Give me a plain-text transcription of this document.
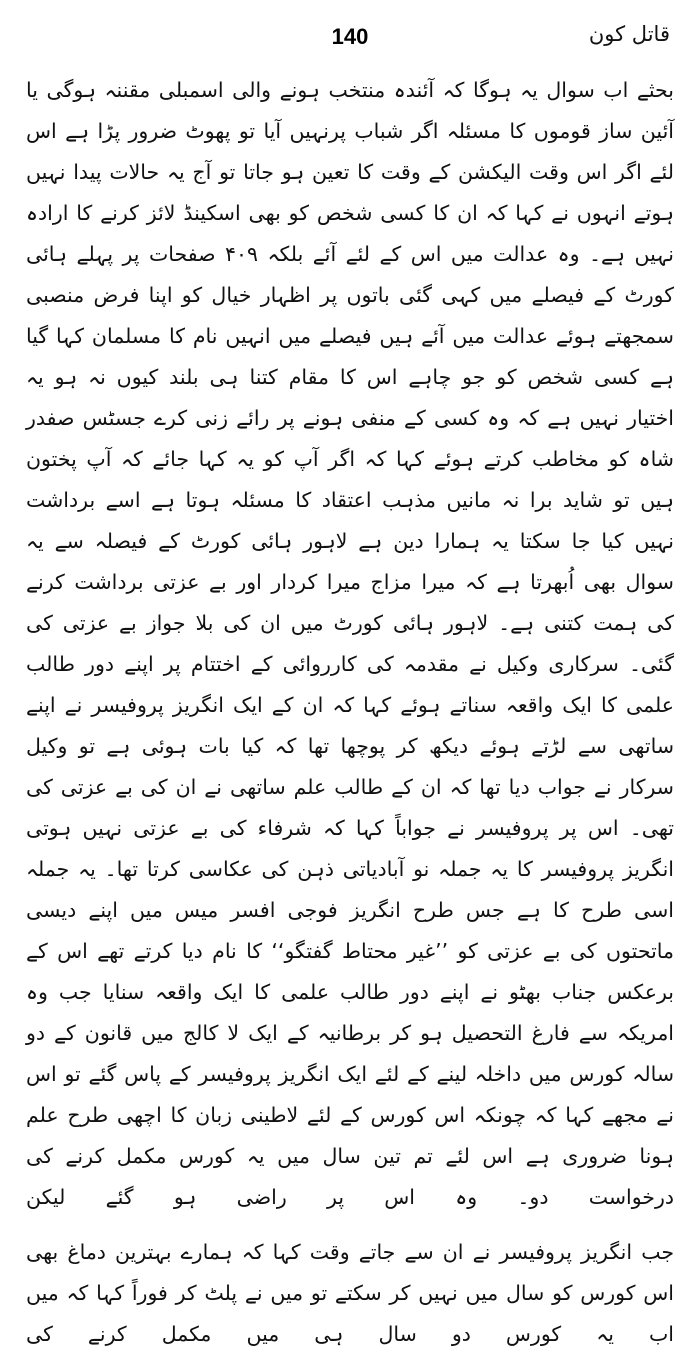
قاتل کون
140

بحثے اب سوال یہ ہوگا کہ آئندہ منتخب ہونے والی اسمبلی مقننہ ہوگی یا آئین ساز قوموں کا مسئلہ اگر شباب پرنہیں آیا تو پھوٹ ضرور پڑا ہے اس لئے اگر اس وقت الیکشن کے وقت کا تعین ہو جاتا تو آج یہ حالات پیدا نہیں ہوتے انہوں نے کہا کہ ان کا کسی شخص کو بھی اسکینڈ لائز کرنے کا ارادہ نہیں ہے۔ وہ عدالت میں اس کے لئے آئے بلکہ ۴۰۹ صفحات پر پہلے ہائی کورٹ کے فیصلے میں کہی گئی باتوں پر اظہار خیال کو اپنا فرض منصبی سمجھتے ہوئے عدالت میں آئے ہیں فیصلے میں انہیں نام کا مسلمان کہا گیا ہے کسی شخص کو جو چاہے اس کا مقام کتنا ہی بلند کیوں نہ ہو یہ اختیار نہیں ہے کہ وہ کسی کے منفی ہونے پر رائے زنی کرے جسٹس صفدر شاہ کو مخاطب کرتے ہوئے کہا کہ اگر آپ کو یہ کہا جائے کہ آپ پختون ہیں تو شاید برا نہ مانیں مذہب اعتقاد کا مسئلہ ہوتا ہے اسے برداشت نہیں کیا جا سکتا یہ ہمارا دین ہے لاہور ہائی کورٹ کے فیصلہ سے یہ سوال بھی اُبھرتا ہے کہ میرا مزاج میرا کردار اور بے عزتی برداشت کرنے کی ہمت کتنی ہے۔ لاہور ہائی کورٹ میں ان کی بلا جواز بے عزتی کی گئی۔ سرکاری وکیل نے مقدمہ کی کارروائی کے اختتام پر اپنے دور طالب علمی کا ایک واقعہ سناتے ہوئے کہا کہ ان کے ایک انگریز پروفیسر نے اپنے ساتھی سے لڑتے ہوئے دیکھ کر پوچھا تھا کہ کیا بات ہوئی ہے تو وکیل سرکار نے جواب دیا تھا کہ ان کے طالب علم ساتھی نے ان کی بے عزتی کی تھی۔ اس پر پروفیسر نے جواباً کہا کہ شرفاء کی بے عزتی نہیں ہوتی انگریز پروفیسر کا یہ جملہ نو آبادیاتی ذہن کی عکاسی کرتا تھا۔ یہ جملہ اسی طرح کا ہے جس طرح انگریز فوجی افسر میس میں اپنے دیسی ماتحتوں کی بے عزتی کو ’’غیر محتاط گفتگو‘‘ کا نام دیا کرتے تھے اس کے برعکس جناب بھٹو نے اپنے دور طالب علمی کا ایک واقعہ سنایا جب وہ امریکہ سے فارغ التحصیل ہو کر برطانیہ کے ایک لا کالج میں قانون کے دو سالہ کورس میں داخلہ لینے کے لئے ایک انگریز پروفیسر کے پاس گئے تو اس نے مجھے کہا کہ چونکہ اس کورس کے لئے لاطینی زبان کا اچھی طرح علم ہونا ضروری ہے اس لئے تم تین سال میں یہ کورس مکمل کرنے کی درخواست دو۔ وہ اس پر راضی ہو گئے لیکن

جب انگریز پروفیسر نے ان سے جاتے وقت کہا کہ ہمارے بہترین دماغ بھی اس کورس کو سال میں نہیں کر سکتے تو میں نے پلٹ کر فوراً کہا کہ میں اب یہ کورس دو سال ہی میں مکمل کرنے کی
